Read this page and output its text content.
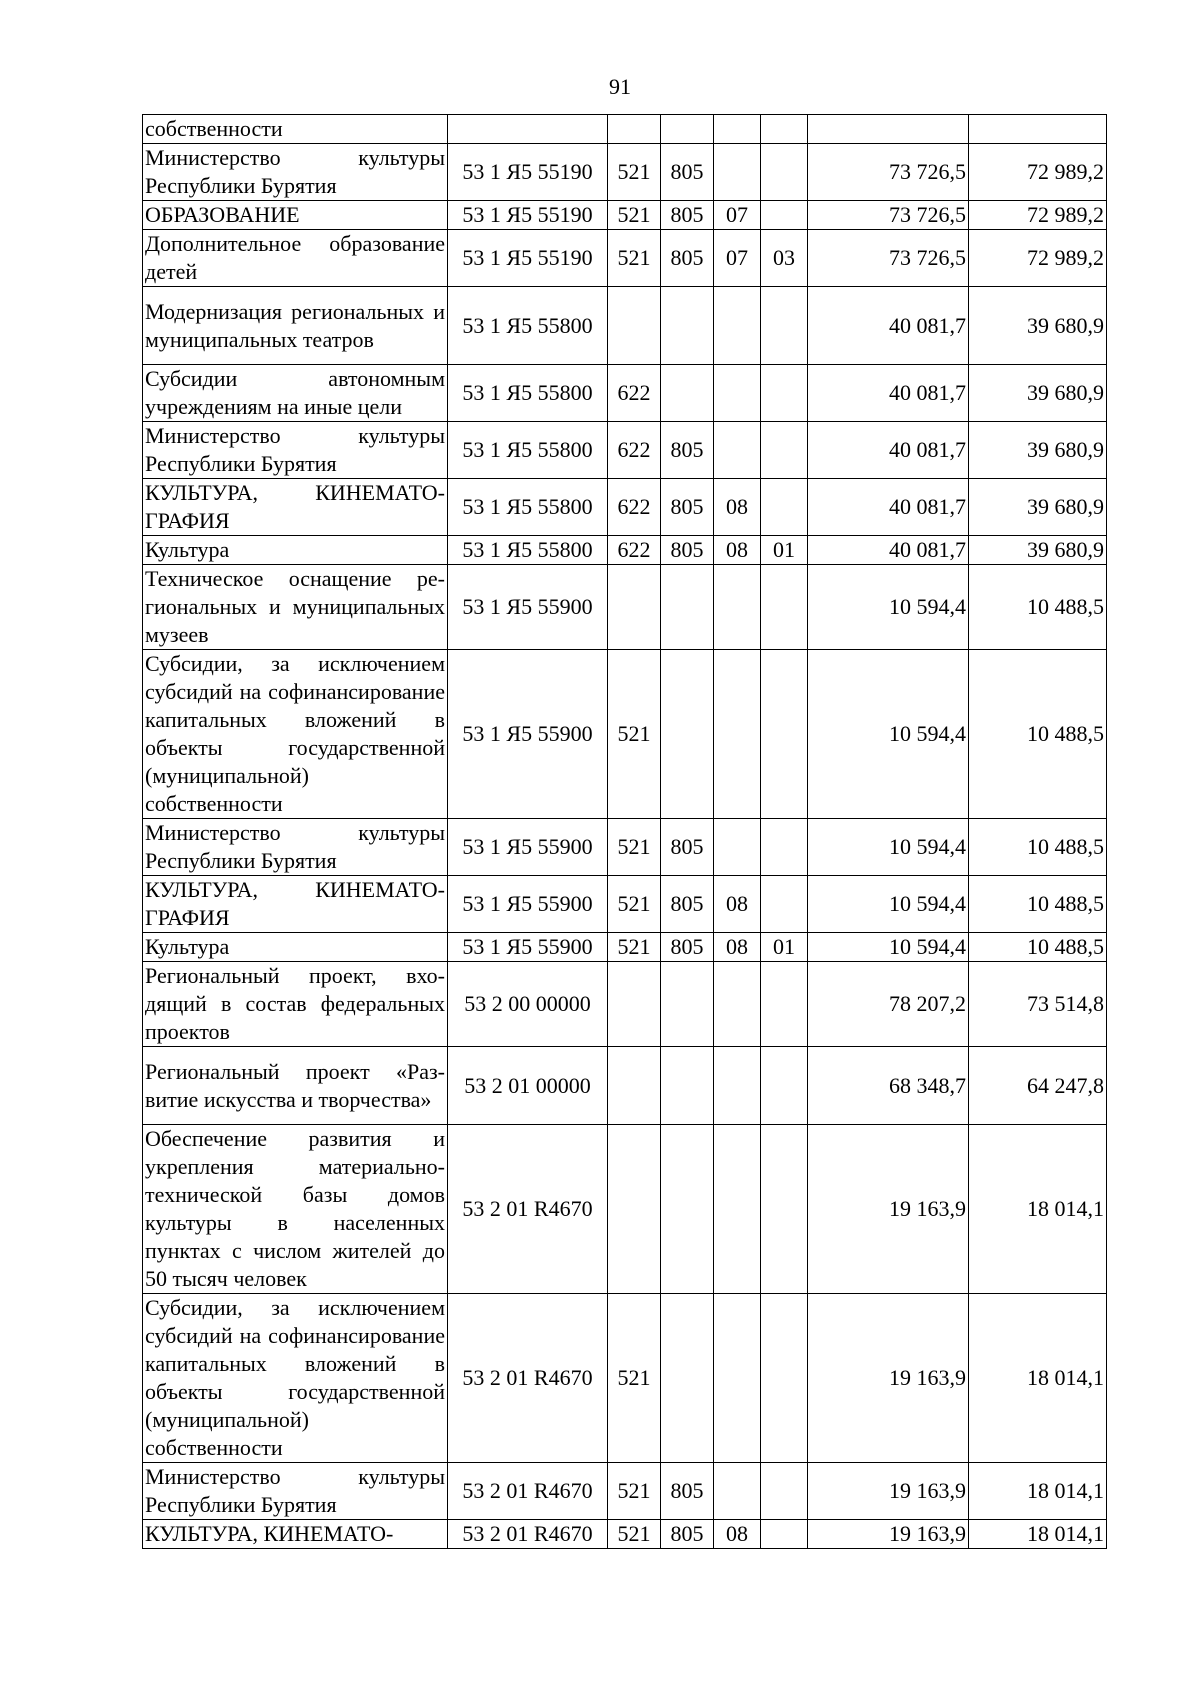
91
собственности							
Министерство культуры Республики Бурятия	53 1 Я5 55190	521	805			73 726,5	72 989,2
ОБРАЗОВАНИЕ	53 1 Я5 55190	521	805	07		73 726,5	72 989,2
Дополнительное образование детей	53 1 Я5 55190	521	805	07	03	73 726,5	72 989,2
Модернизация региональных и муниципальных театров	53 1 Я5 55800					40 081,7	39 680,9
Субсидии автономным учреждениям на иные цели	53 1 Я5 55800	622				40 081,7	39 680,9
Министерство культуры Республики Бурятия	53 1 Я5 55800	622	805			40 081,7	39 680,9
КУЛЬТУРА, КИНЕМАТОГРАФИЯ	53 1 Я5 55800	622	805	08		40 081,7	39 680,9
Культура	53 1 Я5 55800	622	805	08	01	40 081,7	39 680,9
Техническое оснащение региональных и муниципальных музеев	53 1 Я5 55900					10 594,4	10 488,5
Субсидии, за исключением субсидий на софинансирование капитальных вложений в объекты государственной (муниципальной) собственности	53 1 Я5 55900	521				10 594,4	10 488,5
Министерство культуры Республики Бурятия	53 1 Я5 55900	521	805			10 594,4	10 488,5
КУЛЬТУРА, КИНЕМАТОГРАФИЯ	53 1 Я5 55900	521	805	08		10 594,4	10 488,5
Культура	53 1 Я5 55900	521	805	08	01	10 594,4	10 488,5
Региональный проект, входящий в состав федеральных проектов	53 2 00 00000					78 207,2	73 514,8
Региональный проект «Развитие искусства и творчества»	53 2 01 00000					68 348,7	64 247,8
Обеспечение развития и укрепления материально-технической базы домов культуры в населенных пунктах с числом жителей до 50 тысяч человек	53 2 01 R4670					19 163,9	18 014,1
Субсидии, за исключением субсидий на софинансирование капитальных вложений в объекты государственной (муниципальной) собственности	53 2 01 R4670	521				19 163,9	18 014,1
Министерство культуры Республики Бурятия	53 2 01 R4670	521	805			19 163,9	18 014,1
КУЛЬТУРА, КИНЕМАТО-	53 2 01 R4670	521	805	08		19 163,9	18 014,1
